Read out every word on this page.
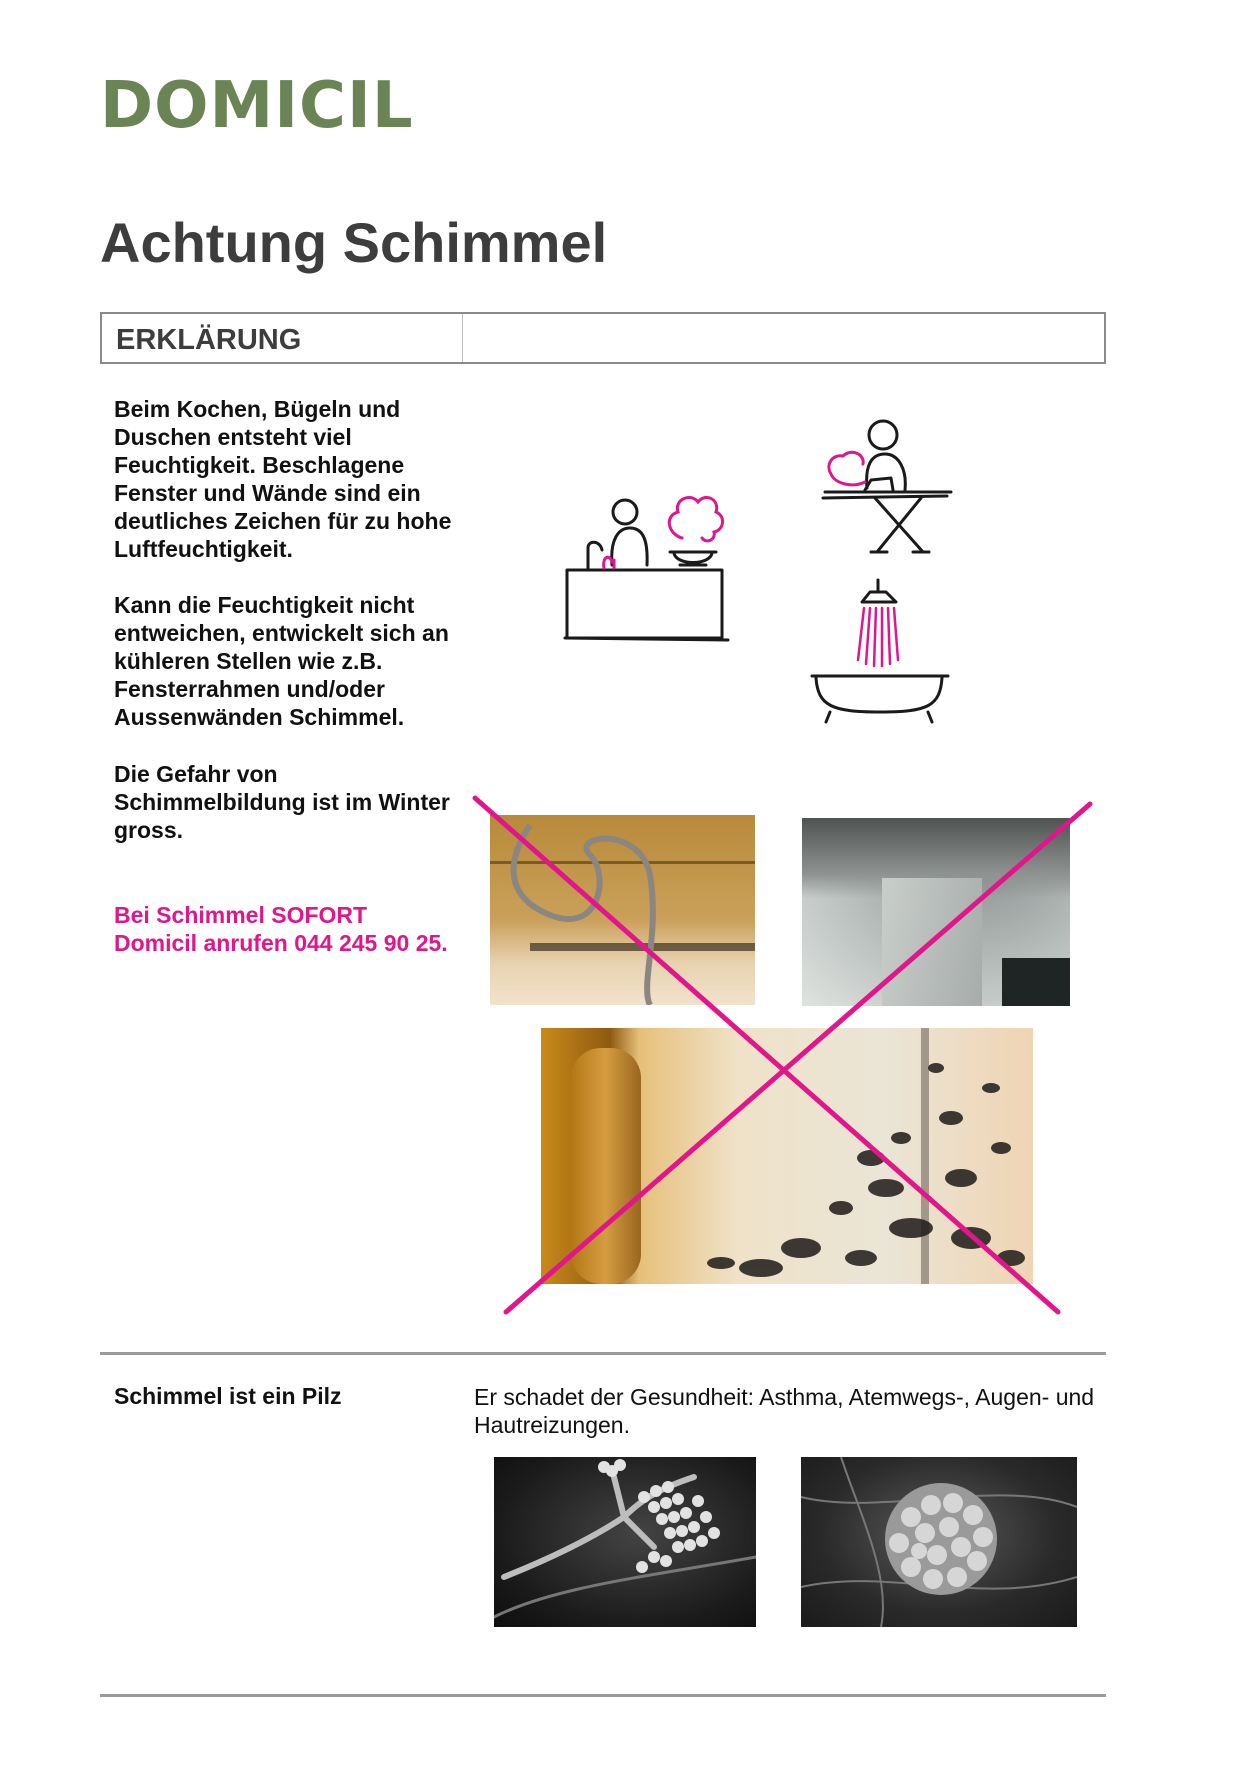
DOMICIL
Achtung Schimmel
ERKLÄRUNG
Beim Kochen, Bügeln und Duschen entsteht viel Feuchtigkeit. Beschlagene Fenster und Wände sind ein deutliches Zeichen für zu hohe Luftfeuchtigkeit.
Kann die Feuchtigkeit nicht entweichen, entwickelt sich an kühleren Stellen wie z.B. Fensterrahmen und/oder Aussenwänden Schimmel.
Die Gefahr von Schimmelbildung ist im Winter gross.
Bei Schimmel SOFORT Domicil anrufen 044 245 90 25.
Schimmel ist ein Pilz	Er schadet der Gesundheit: Asthma, Atemwegs-, Augen- und Hautreizungen.
